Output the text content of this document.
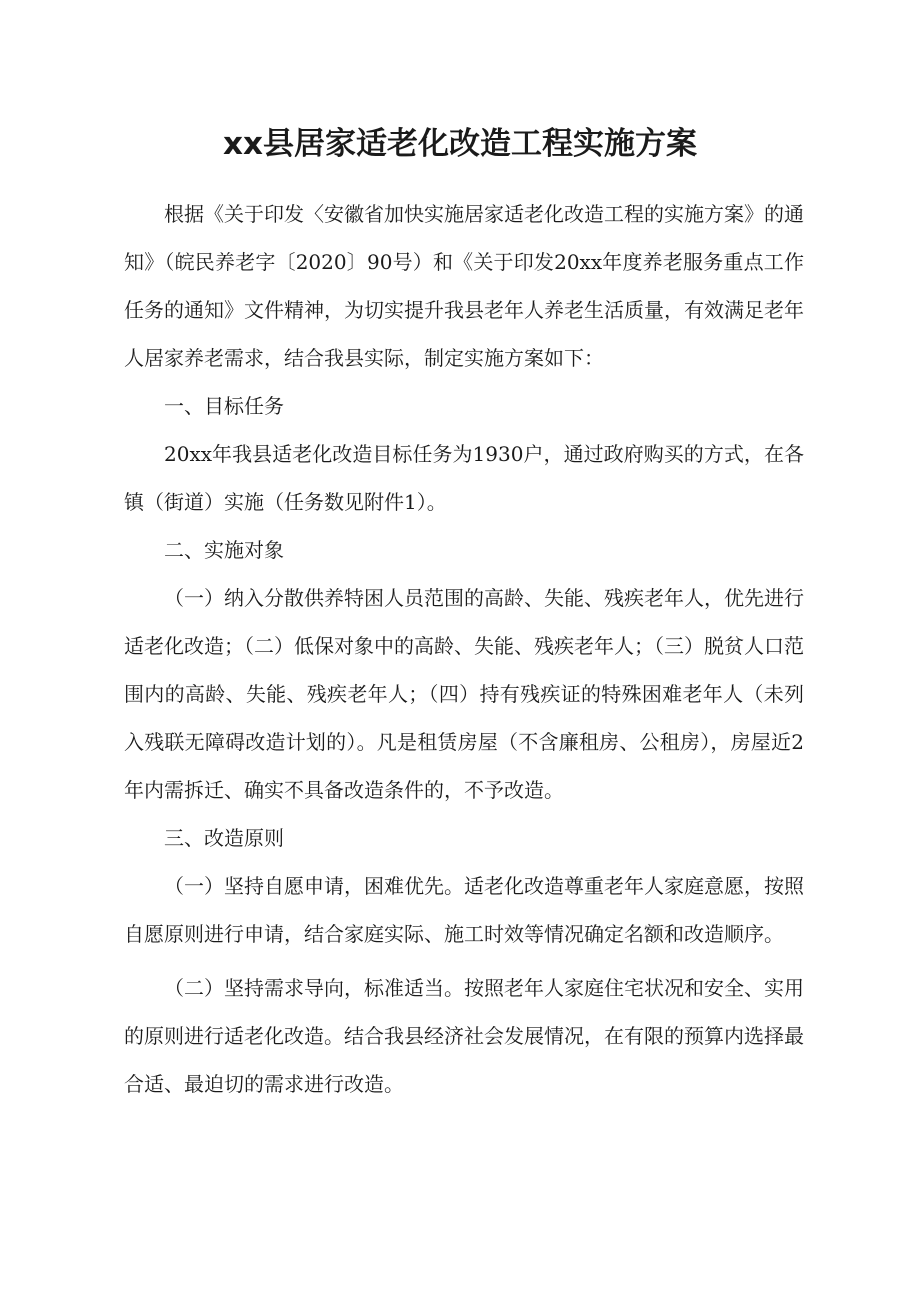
xx县居家适老化改造工程实施方案

根据《关于印发〈安徽省加快实施居家适老化改造工程的实施方案》的通知》（皖民养老字〔2020〕90号）和《关于印发20xx年度养老服务重点工作任务的通知》文件精神，为切实提升我县老年人养老生活质量，有效满足老年人居家养老需求，结合我县实际，制定实施方案如下：

一、目标任务

20xx年我县适老化改造目标任务为1930户，通过政府购买的方式，在各镇（街道）实施（任务数见附件1）。

二、实施对象

（一）纳入分散供养特困人员范围的高龄、失能、残疾老年人，优先进行适老化改造；（二）低保对象中的高龄、失能、残疾老年人；（三）脱贫人口范围内的高龄、失能、残疾老年人；（四）持有残疾证的特殊困难老年人（未列入残联无障碍改造计划的）。凡是租赁房屋（不含廉租房、公租房），房屋近2年内需拆迁、确实不具备改造条件的，不予改造。

三、改造原则

（一）坚持自愿申请，困难优先。适老化改造尊重老年人家庭意愿，按照自愿原则进行申请，结合家庭实际、施工时效等情况确定名额和改造顺序。

（二）坚持需求导向，标准适当。按照老年人家庭住宅状况和安全、实用的原则进行适老化改造。结合我县经济社会发展情况，在有限的预算内选择最合适、最迫切的需求进行改造。
